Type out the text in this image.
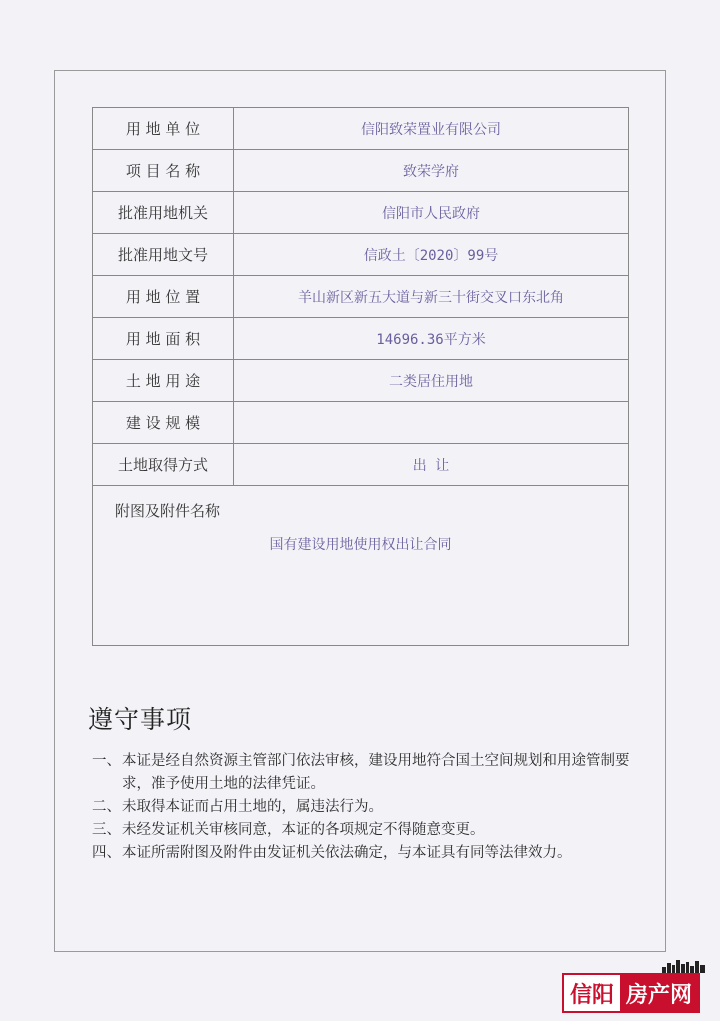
用 地 单 位	信阳致荣置业有限公司
项 目 名 称	致荣学府
批准用地机关	信阳市人民政府
批准用地文号	信政土〔2020〕99号
用 地 位 置	羊山新区新五大道与新三十街交叉口东北角
用 地 面 积	14696.36平方米
土 地 用 途	二类居住用地
建 设 规 模	
土地取得方式	出 让

附图及附件名称
国有建设用地使用权出让合同	
遵守事项
一、 本证是经自然资源主管部门依法审核，建设用地符合国土空间规划和用途管制要求，准予使用土地的法律凭证。
二、 未取得本证而占用土地的，属违法行为。
三、 未经发证机关审核同意，本证的各项规定不得随意变更。
四、 本证所需附图及附件由发证机关依法确定，与本证具有同等法律效力。
信阳 房产网
